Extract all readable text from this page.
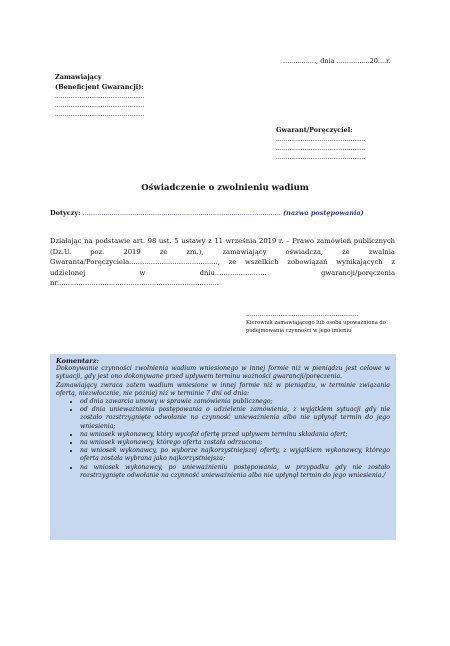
................, dnia ................20....r.
Zamawiający
(Beneficjent Gwarancji):
...............................................
...............................................
...............................................
Gwarant/Poręczyciel:
...............................................
...............................................
...............................................
Oświadczenie o zwolnieniu wadium
Dotyczy: ................................................................................................ (nazwa postępowania)
Działając na podstawie art. 98 ust. 5 ustawy z 11 września 2019 r. – Prawo zamówień publicznych (Dz.U. poz. 2019 ze zm.), zamawiający oświadcza, że zwalnia Gwaranta/Poręczyciela........................................., ze wszelkich zobowiązań wynikających z udzielonej w dniu........................ gwarancji/poręczenia nr...........................................................................
...........................................................
Kierownik zamawiającego lub osoba upoważniona do podejmowania czynności w jego imieniu
Komentarz:

Dokonywanie czynności zwolnienia wadium wniesionego w innej formie niż w pieniądzu jest celowe w sytuacji, gdy jest ono dokonywane przed upływem terminu ważności gwarancji/poręczenia.

Zamawiający zwraca zatem wadium wniesione w innej formie niż w pieniądzu, w terminie związania ofertą, niezwłocznie, nie później niż w terminie 7 dni od dnia:

• od dnia zawarcia umowy w sprawie zamówienia publicznego;
• od dnia unieważnienia postępowania o udzielenie zamówienia, z wyjątkiem sytuacji gdy nie zostało rozstrzygnięte odwołanie na czynność unieważnienia albo nie upłynął termin do jego wniesienia;
• na wniosek wykonawcy, który wycofał ofertę przed upływem terminu składania ofert;
• na wniosek wykonawcy, którego oferta została odrzucona;
• na wniosek wykonawcy, po wyborze najkorzystniejszej oferty, z wyjątkiem wykonawcy, którego oferta została wybrana jako najkorzystniejsza;
• na wniosek wykonawcy, po unieważnieniu postępowania, w przypadku gdy nie zostało rozstrzygnięte odwołanie na czynność unieważnienia albo nie upłynął termin do jego wniesienia./
